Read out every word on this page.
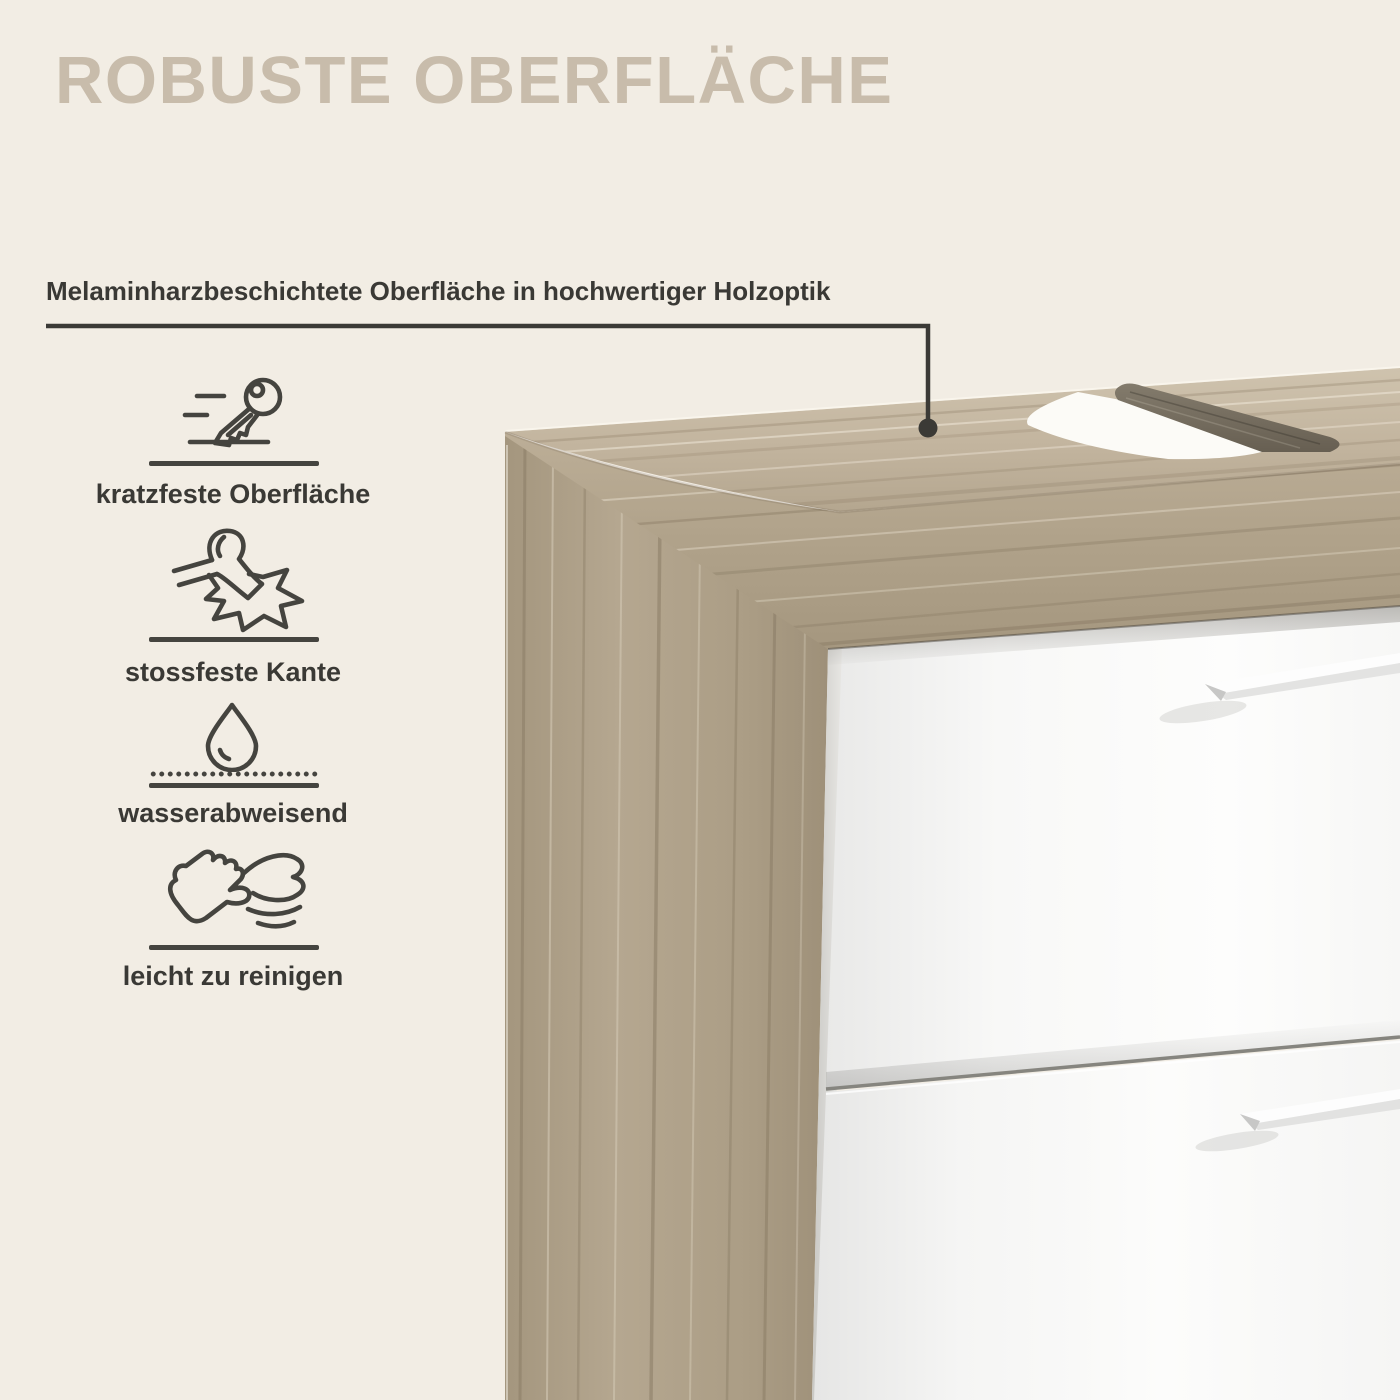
ROBUSTE OBERFLÄCHE
Melaminharzbeschichtete Oberfläche in hochwertiger Holzoptik
kratzfeste Oberfläche
stossfeste Kante
wasserabweisend
leicht zu reinigen
